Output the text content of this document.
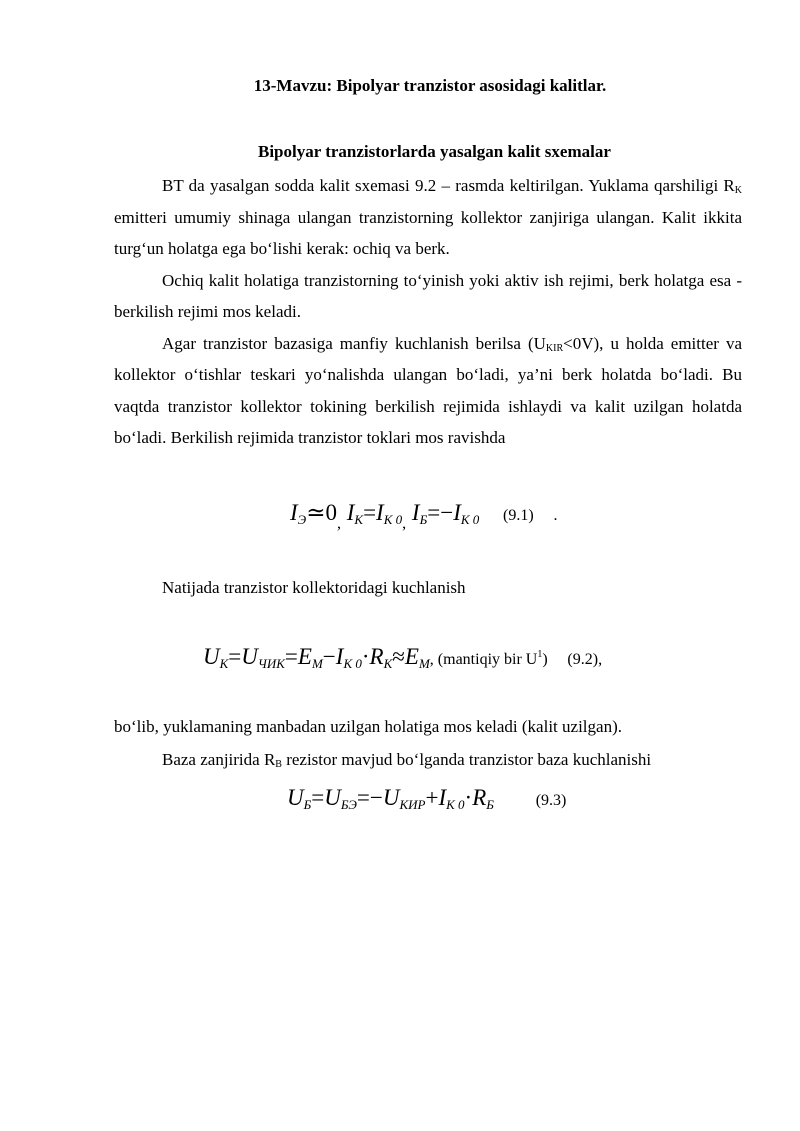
13-Mavzu: Bipolyar tranzistor asosidagi kalitlar.
Bipolyar tranzistorlarda yasalgan kalit sxemalar

BT da yasalgan sodda kalit sxemasi 9.2 – rasmda keltirilgan. Yuklama qarshiligi $R_K$ emitteri umumiy shinaga ulangan tranzistorning kollektor zanjiriga ulangan. Kalit ikkita turg‘un holatga ega bo‘lishi kerak: ochiq va berk.

Ochiq kalit holatiga tranzistorning to‘yinish yoki aktiv ish rejimi, berk holatga esa - berkilish rejimi mos keladi.

Agar tranzistor bazasiga manfiy kuchlanish berilsa $(U_{KIR}<0V)$, u holda emitter va kollektor o‘tishlar teskari yo‘nalishda ulangan bo‘ladi, ya’ni berk holatda bo‘ladi. Bu vaqtda tranzistor kollektor tokining berkilish rejimida ishlaydi va kalit uzilgan holatda bo‘ladi. Berkilish rejimida tranzistor toklari mos ravishda

$I_Э≃0_,$ $I_K=I_{K 0,}$ $I_Б=-I_{K 0}$ (9.1) .
Natijada tranzistor kollektoridagi kuchlanish
$U_K=U_{ЧИК}=E_M-I_{K 0}\cdot R_K\approx E_M$, (mantiqiy bir $U^1$) (9.2),
bo‘lib, yuklamaning manbadan uzilgan holatiga mos keladi (kalit uzilgan).
Baza zanjirida $R_B$ rezistor mavjud bo‘lganda tranzistor baza kuchlanishi
$U_Б=U_{БЭ}=-U_{КИР}+I_{K 0}\cdot R_Б$	(9.3)
